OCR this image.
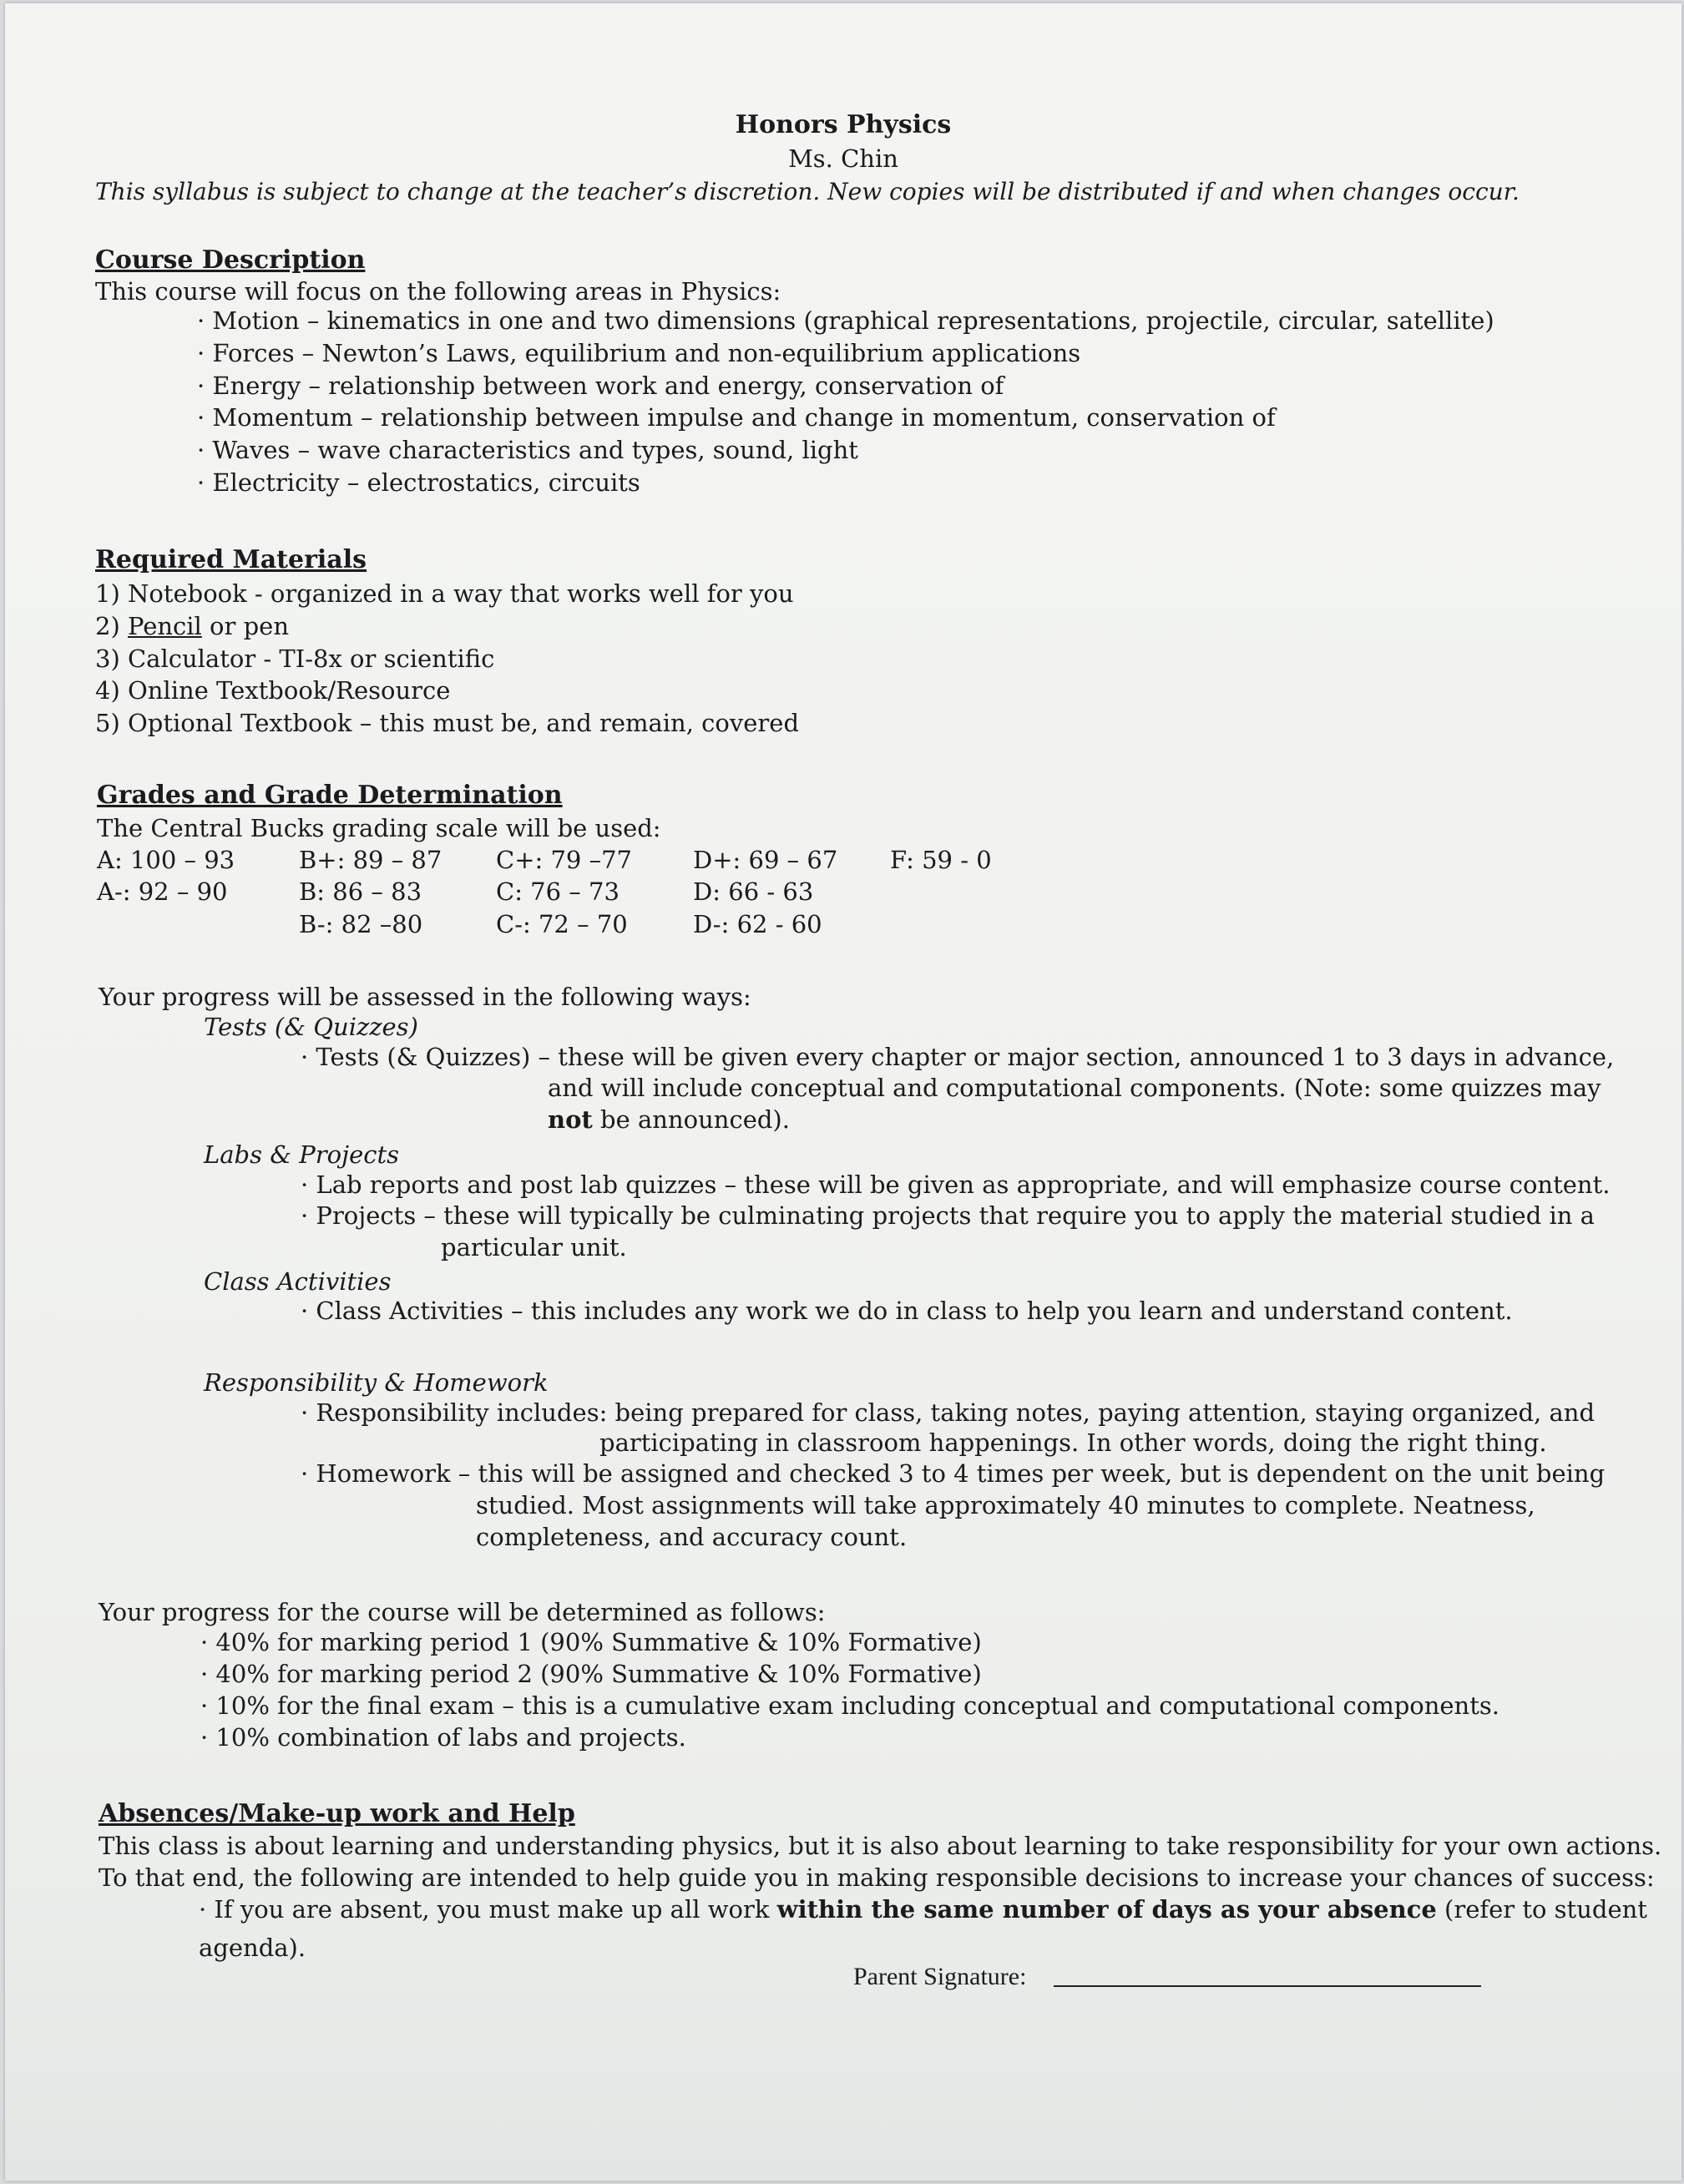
Honors Physics
Ms. Chin
This syllabus is subject to change at the teacher’s discretion. New copies will be distributed if and when changes occur.
Course Description
This course will focus on the following areas in Physics:
· Motion – kinematics in one and two dimensions (graphical representations, projectile, circular, satellite)
· Forces – Newton’s Laws, equilibrium and non-equilibrium applications
· Energy – relationship between work and energy, conservation of
· Momentum – relationship between impulse and change in momentum, conservation of
· Waves – wave characteristics and types, sound, light
· Electricity – electrostatics, circuits
Required Materials
1) Notebook - organized in a way that works well for you
2) Pencil or pen
3) Calculator - TI-8x or scientific
4) Online Textbook/Resource
5) Optional Textbook – this must be, and remain, covered
Grades and Grade Determination
The Central Bucks grading scale will be used:
A: 100 – 93
A-: 92 – 90
B+: 89 – 87
B: 86 – 83
B-: 82 –80
C+: 79 –77
C: 76 – 73
C-: 72 – 70
D+: 69 – 67
D: 66 - 63
D-: 62 - 60
F: 59 - 0
Your progress will be assessed in the following ways:
Tests (& Quizzes)
· Tests (& Quizzes) – these will be given every chapter or major section, announced 1 to 3 days in advance,
and will include conceptual and computational components. (Note: some quizzes may
not be announced).
Labs & Projects
· Lab reports and post lab quizzes – these will be given as appropriate, and will emphasize course content.
· Projects – these will typically be culminating projects that require you to apply the material studied in a
particular unit.
Class Activities
· Class Activities – this includes any work we do in class to help you learn and understand content.
Responsibility & Homework
· Responsibility includes: being prepared for class, taking notes, paying attention, staying organized, and
participating in classroom happenings. In other words, doing the right thing.
· Homework – this will be assigned and checked 3 to 4 times per week, but is dependent on the unit being
studied. Most assignments will take approximately 40 minutes to complete. Neatness,
completeness, and accuracy count.
Your progress for the course will be determined as follows:
· 40% for marking period 1 (90% Summative & 10% Formative)
· 40% for marking period 2 (90% Summative & 10% Formative)
· 10% for the final exam – this is a cumulative exam including conceptual and computational components.
· 10% combination of labs and projects.
Absences/Make-up work and Help
This class is about learning and understanding physics, but it is also about learning to take responsibility for your own actions.
To that end, the following are intended to help guide you in making responsible decisions to increase your chances of success:
· If you are absent, you must make up all work within the same number of days as your absence (refer to student
agenda).
Parent Signature:
